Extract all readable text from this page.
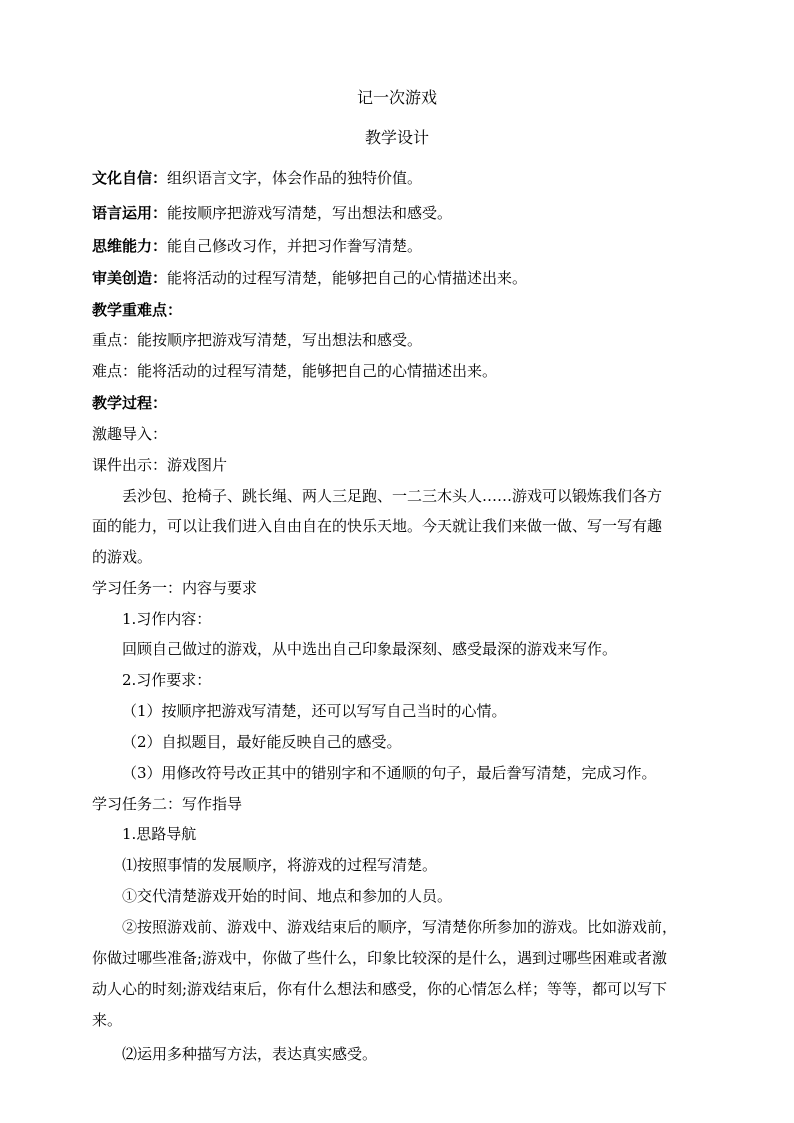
记一次游戏
教学设计
文化自信：组织语言文字，体会作品的独特价值。
语言运用：能按顺序把游戏写清楚，写出想法和感受。
思维能力：能自己修改习作，并把习作誊写清楚。
审美创造：能将活动的过程写清楚，能够把自己的心情描述出来。
教学重难点：
重点：能按顺序把游戏写清楚，写出想法和感受。
难点：能将活动的过程写清楚，能够把自己的心情描述出来。
教学过程：
激趣导入：
课件出示：游戏图片
丢沙包、抢椅子、跳长绳、两人三足跑、一二三木头人……游戏可以锻炼我们各方
面的能力，可以让我们进入自由自在的快乐天地。今天就让我们来做一做、写一写有趣
的游戏。
学习任务一：内容与要求
1.习作内容：
回顾自己做过的游戏，从中选出自己印象最深刻、感受最深的游戏来写作。
2.习作要求：
（1）按顺序把游戏写清楚，还可以写写自己当时的心情。
（2）自拟题目，最好能反映自己的感受。
（3）用修改符号改正其中的错别字和不通顺的句子，最后誊写清楚，完成习作。
学习任务二：写作指导
1.思路导航
⑴按照事情的发展顺序，将游戏的过程写清楚。
①交代清楚游戏开始的时间、地点和参加的人员。
②按照游戏前、游戏中、游戏结束后的顺序，写清楚你所参加的游戏。比如游戏前，
你做过哪些准备;游戏中，你做了些什么，印象比较深的是什么，遇到过哪些困难或者激
动人心的时刻;游戏结束后，你有什么想法和感受，你的心情怎么样；等等，都可以写下
来。
⑵运用多种描写方法，表达真实感受。
